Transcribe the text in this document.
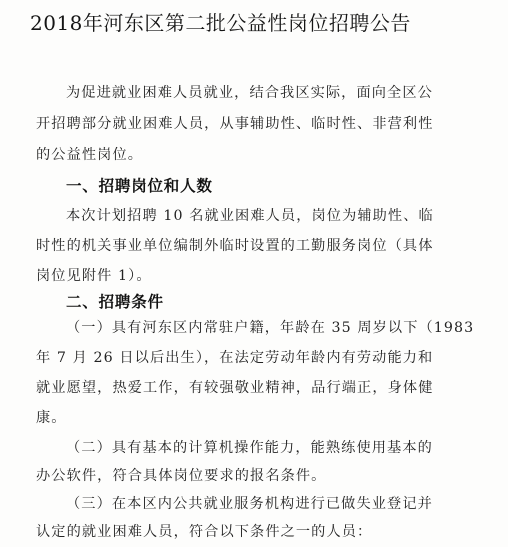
2018年河东区第二批公益性岗位招聘公告
为促进就业困难人员就业，结合我区实际，面向全区公
开招聘部分就业困难人员，从事辅助性、临时性、非营利性
的公益性岗位。
一、招聘岗位和人数
本次计划招聘 10 名就业困难人员，岗位为辅助性、临
时性的机关事业单位编制外临时设置的工勤服务岗位（具体
岗位见附件 1）。
二、招聘条件
（一）具有河东区内常驻户籍，年龄在 35 周岁以下（1983
年 7 月 26 日以后出生），在法定劳动年龄内有劳动能力和
就业愿望，热爱工作，有较强敬业精神，品行端正，身体健
康。
（二）具有基本的计算机操作能力，能熟练使用基本的
办公软件，符合具体岗位要求的报名条件。
（三）在本区内公共就业服务机构进行已做失业登记并
认定的就业困难人员，符合以下条件之一的人员：
